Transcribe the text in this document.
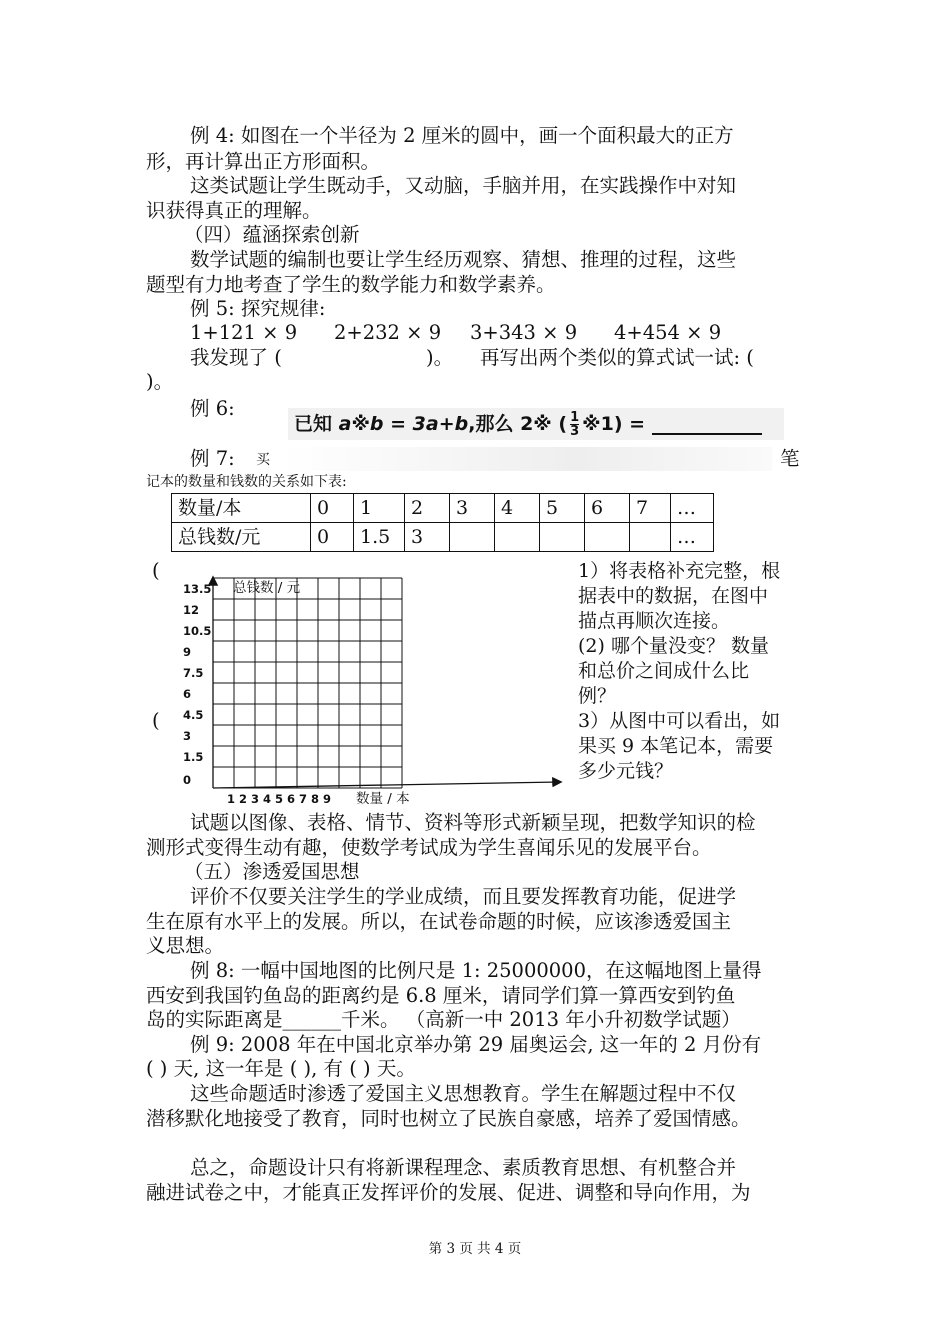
例 4: 如图在一个半径为 2 厘米的圆中，画一个面积最大的正方
形，再计算出正方形面积。
这类试题让学生既动手，又动脑，手脑并用，在实践操作中对知
识获得真正的理解。
（四）蕴涵探索创新
数学试题的编制也要让学生经历观察、猜想、推理的过程，这些
题型有力地考查了学生的数学能力和数学素养。
例 5: 探究规律:
1+121 × 9 2+232 × 9 3+343 × 9 4+454 × 9
我发现了 (	)。 再写出两个类似的算式试一试: (
)。
例 6:
已知 a※b = 3a+b,那么 2※ ( $\frac{1}{3}$ ※1) =
例 7: 买	笔
记本的数量和钱数的关系如下表:
数量/本	0	1	2	3	4	5	6	7	…
总钱数/元	0	1.5	3						…
(
(
总钱数 / 元
数量 / 本
13.5
12
10.5
9
7.5
6
4.5
3
1.5
0
1 2 3 4 5 6 7 8 9
1）将表格补充完整，根
据表中的数据，在图中
描点再顺次连接。
(2) 哪个量没变？ 数量
和总价之间成什么比
例？
3）从图中可以看出，如
果买 9 本笔记本，需要
多少元钱？
试题以图像、表格、情节、资料等形式新颖呈现，把数学知识的检
测形式变得生动有趣，使数学考试成为学生喜闻乐见的发展平台。
（五）渗透爱国思想
评价不仅要关注学生的学业成绩，而且要发挥教育功能，促进学
生在原有水平上的发展。所以，在试卷命题的时候，应该渗透爱国主
义思想。
例 8: 一幅中国地图的比例尺是 1: 25000000，在这幅地图上量得
西安到我国钓鱼岛的距离约是 6.8 厘米，请同学们算一算西安到钓鱼
岛的实际距离是______千米。 （高新一中 2013 年小升初数学试题）
例 9: 2008 年在中国北京举办第 29 届奥运会, 这一年的 2 月份有
( ) 天, 这一年是 ( ), 有 ( ) 天。
这些命题适时渗透了爱国主义思想教育。学生在解题过程中不仅
潜移默化地接受了教育，同时也树立了民族自豪感，培养了爱国情感。
总之，命题设计只有将新课程理念、素质教育思想、有机整合并
融进试卷之中，才能真正发挥评价的发展、促进、调整和导向作用，为
第 3 页 共 4 页
